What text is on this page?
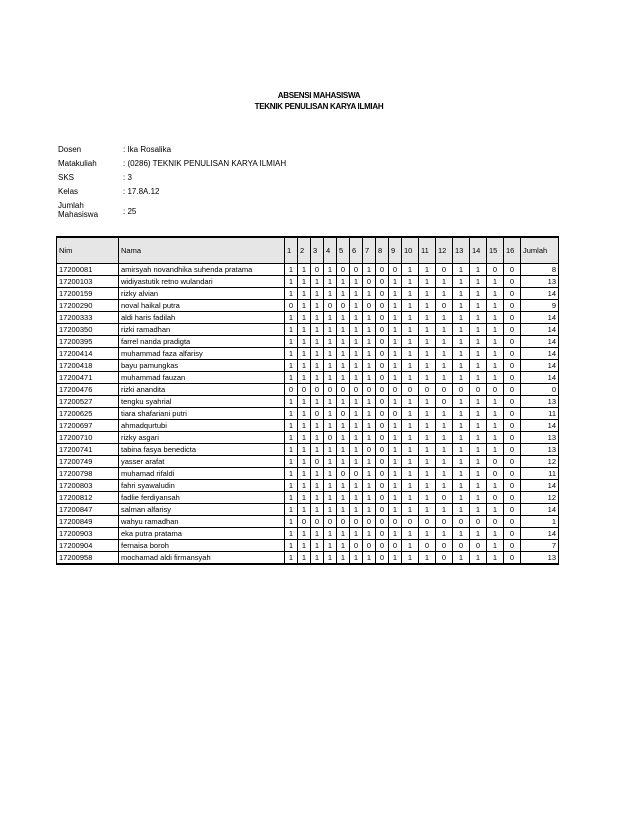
ABSENSI MAHASISWA
TEKNIK PENULISAN KARYA ILMIAH
Dosen	: Ika Rosalika
Matakuliah	: (0286) TEKNIK PENULISAN KARYA ILMIAH
SKS	: 3
Kelas	: 17.8A.12
Jumlah Mahasiswa	: 25
Nim	Nama	1	2	3	4	5	6	7	8	9	10	11	12	13	14	15	16	Jumlah
17200081	amirsyah novandhika suhenda pratama	1	1	0	1	0	0	1	0	0	1	1	0	1	1	0	0	8
17200103	widiyastutik retno wulandari	1	1	1	1	1	1	0	0	1	1	1	1	1	1	1	0	13
17200159	rizky alvian	1	1	1	1	1	1	1	0	1	1	1	1	1	1	1	0	14
17200290	noval haikal putra	0	1	1	0	0	1	0	0	1	1	1	0	1	1	1	0	9
17200333	aldi haris fadilah	1	1	1	1	1	1	1	0	1	1	1	1	1	1	1	0	14
17200350	rizki ramadhan	1	1	1	1	1	1	1	0	1	1	1	1	1	1	1	0	14
17200395	farrel nanda pradigta	1	1	1	1	1	1	1	0	1	1	1	1	1	1	1	0	14
17200414	muhammad faza alfarisy	1	1	1	1	1	1	1	0	1	1	1	1	1	1	1	0	14
17200418	bayu pamungkas	1	1	1	1	1	1	1	0	1	1	1	1	1	1	1	0	14
17200471	muhammad fauzan	1	1	1	1	1	1	1	0	1	1	1	1	1	1	1	0	14
17200476	rizki anandita	0	0	0	0	0	0	0	0	0	0	0	0	0	0	0	0	0
17200527	tengku syahrial	1	1	1	1	1	1	1	0	1	1	1	0	1	1	1	0	13
17200625	tiara shafariani putri	1	1	0	1	0	1	1	0	0	1	1	1	1	1	1	0	11
17200697	ahmadqurtubi	1	1	1	1	1	1	1	0	1	1	1	1	1	1	1	0	14
17200710	rizky asgari	1	1	1	0	1	1	1	0	1	1	1	1	1	1	1	0	13
17200741	tabina fasya benedicta	1	1	1	1	1	1	0	0	1	1	1	1	1	1	1	0	13
17200749	yasser arafat	1	1	0	1	1	1	1	0	1	1	1	1	1	1	0	0	12
17200798	muhamad rifaldi	1	1	1	1	0	0	1	0	1	1	1	1	1	1	0	0	11
17200803	fahri syawaludin	1	1	1	1	1	1	1	0	1	1	1	1	1	1	1	0	14
17200812	fadlie ferdiyansah	1	1	1	1	1	1	1	0	1	1	1	0	1	1	0	0	12
17200847	salman alfarisy	1	1	1	1	1	1	1	0	1	1	1	1	1	1	1	0	14
17200849	wahyu ramadhan	1	0	0	0	0	0	0	0	0	0	0	0	0	0	0	0	1
17200903	eka putra pratama	1	1	1	1	1	1	1	0	1	1	1	1	1	1	1	0	14
17200904	fernaisa boroh	1	1	1	1	1	0	0	0	0	1	0	0	0	0	1	0	7
17200958	mochamad aldi firmansyah	1	1	1	1	1	1	1	0	1	1	1	0	1	1	1	0	13
